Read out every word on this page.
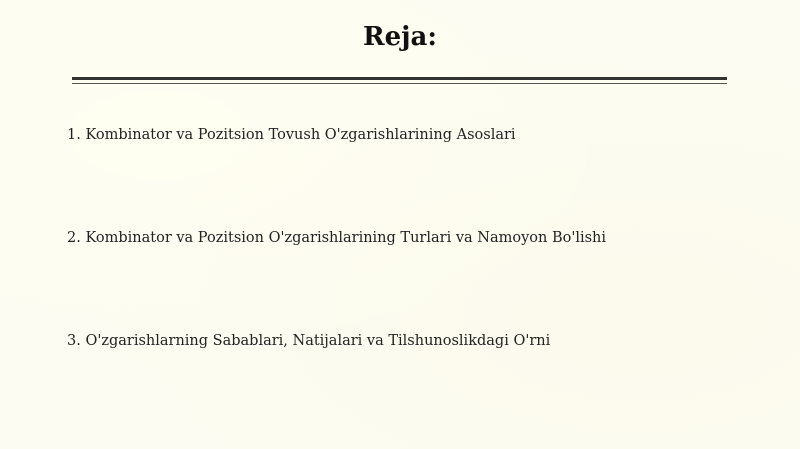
Reja:
1. Kombinator va Pozitsion Tovush O'zgarishlarining Asoslari
2. Kombinator va Pozitsion O'zgarishlarining Turlari va Namoyon Bo'lishi
3. O'zgarishlarning Sabablari, Natijalari va Tilshunoslikdagi O'rni
